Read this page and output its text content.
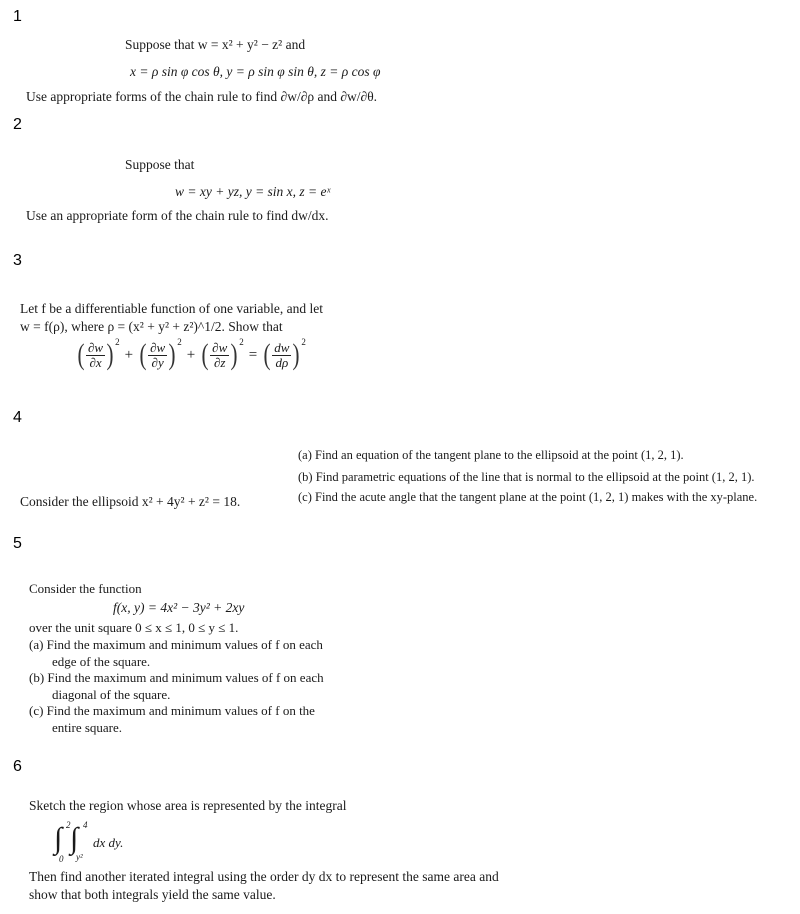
1
Suppose that w = x² + y² − z² and
x = ρ sin φ cos θ, y = ρ sin φ sin θ, z = ρ cos φ
Use appropriate forms of the chain rule to find ∂w/∂ρ and ∂w/∂θ.
2
Suppose that
w = xy + yz, y = sin x, z = eˣ
Use an appropriate form of the chain rule to find dw/dx.
3
Let f be a differentiable function of one variable, and let
w = f(ρ), where ρ = (x² + y² + z²)^1/2. Show that
( $\frac{\partial w}{\partial x} )^2$
+ ( $\frac{\partial w}{\partial y} )^2$
+ ( $\frac{\partial w}{\partial z} )^2$
= ( $\frac{dw}{d\rho} )^2$
4
(a) Find an equation of the tangent plane to the ellipsoid at the point (1, 2, 1).
(b) Find parametric equations of the line that is normal to the ellipsoid at the point (1, 2, 1).
Consider the ellipsoid x² + 4y² + z² = 18.	(c) Find the acute angle that the tangent plane at the point (1, 2, 1) makes with the xy-plane.
5
Consider the function
f(x, y) = 4x² − 3y² + 2xy
over the unit square 0 ≤ x ≤ 1, 0 ≤ y ≤ 1.
(a) Find the maximum and minimum values of f on each
edge of the square.
(b) Find the maximum and minimum values of f on each
diagonal of the square.
(c) Find the maximum and minimum values of f on the
entire square.
6
Sketch the region whose area is represented by the integral
∫ ∫
2
0
4
y²
dx dy.
Then find another iterated integral using the order dy dx to represent the same area and
show that both integrals yield the same value.
